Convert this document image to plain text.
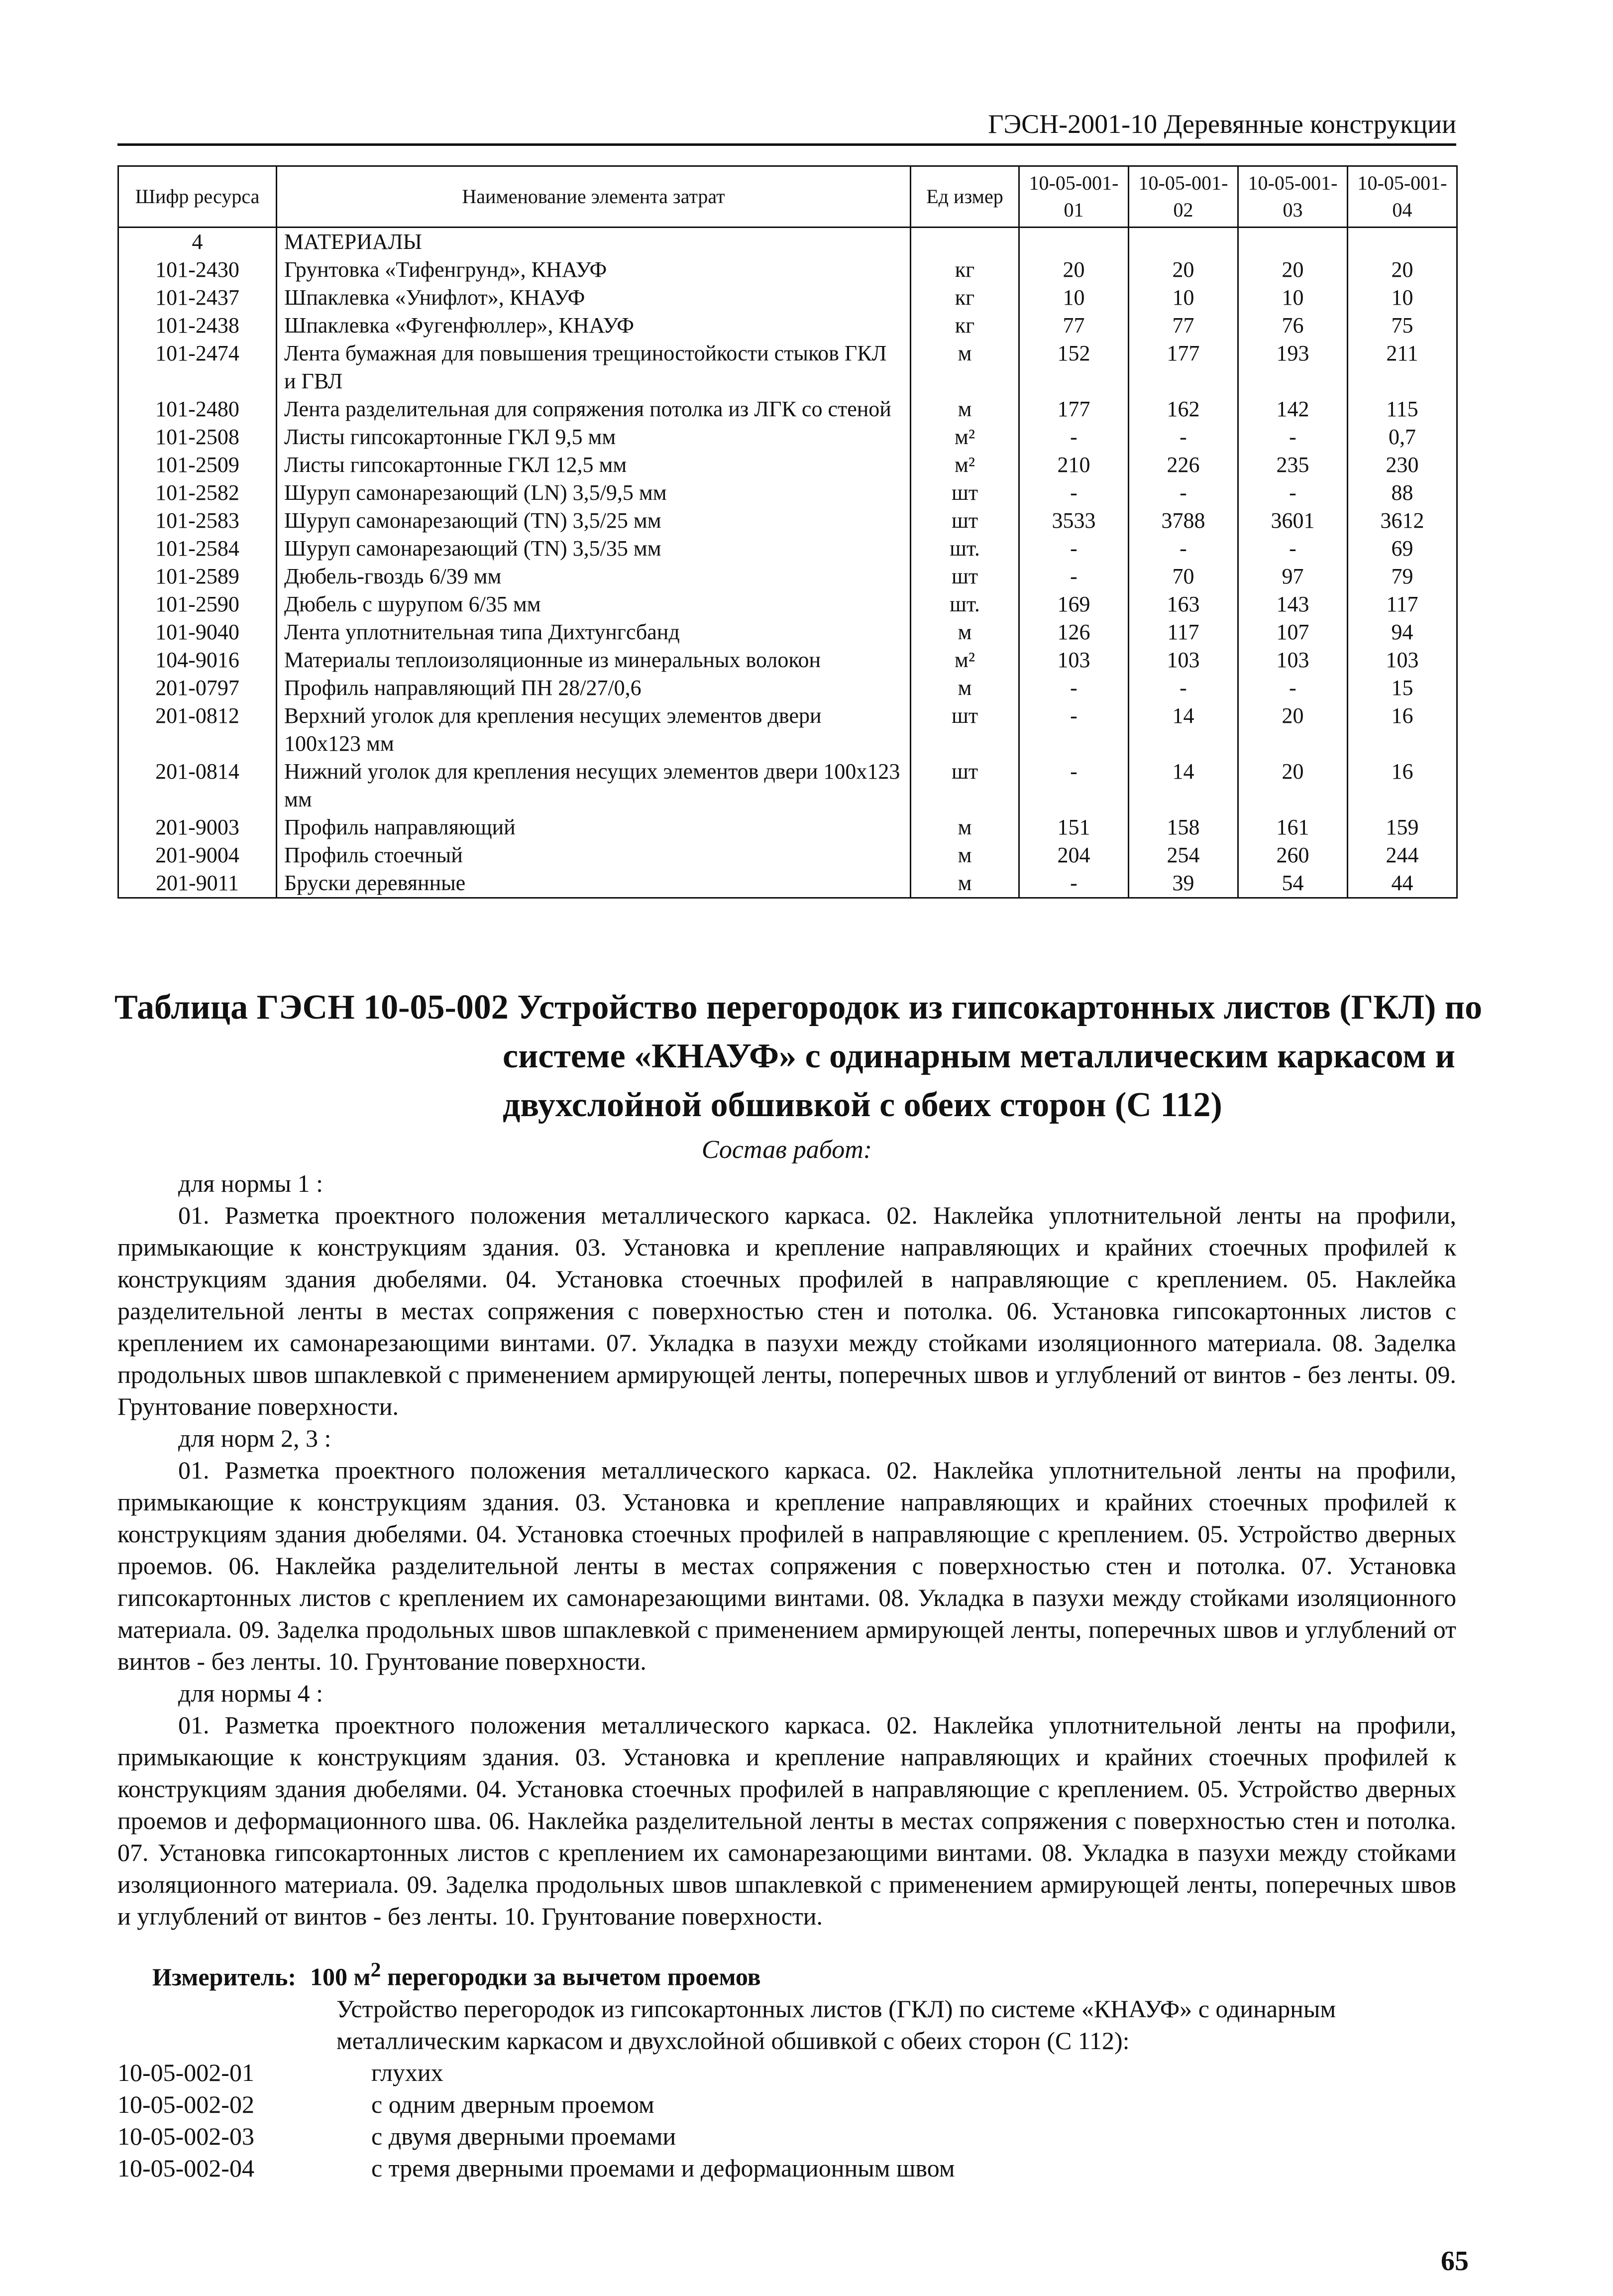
ГЭСН-2001-10 Деревянные конструкции
Шифр ресурса	Наименование элемента затрат	Ед измер	10-05-001-01	10-05-001-02	10-05-001-03	10-05-001-04
4	МАТЕРИАЛЫ					
101-2430	Грунтовка «Тифенгрунд», КНАУФ	кг	20	20	20	20
101-2437	Шпаклевка «Унифлот», КНАУФ	кг	10	10	10	10
101-2438	Шпаклевка «Фугенфюллер», КНАУФ	кг	77	77	76	75
101-2474	Лента бумажная для повышения трещиностойкости стыков ГКЛ и ГВЛ	м	152	177	193	211
101-2480	Лента разделительная для сопряжения потолка из ЛГК со стеной	м	177	162	142	115
101-2508	Листы гипсокартонные ГКЛ 9,5 мм	м²	-	-	-	0,7
101-2509	Листы гипсокартонные ГКЛ 12,5 мм	м²	210	226	235	230
101-2582	Шуруп самонарезающий (LN) 3,5/9,5 мм	шт	-	-	-	88
101-2583	Шуруп самонарезающий (TN) 3,5/25 мм	шт	3533	3788	3601	3612
101-2584	Шуруп самонарезающий (TN) 3,5/35 мм	шт.	-	-	-	69
101-2589	Дюбель-гвоздь 6/39 мм	шт	-	70	97	79
101-2590	Дюбель с шурупом 6/35 мм	шт.	169	163	143	117
101-9040	Лента уплотнительная типа Дихтунгсбанд	м	126	117	107	94
104-9016	Материалы теплоизоляционные из минеральных волокон	м²	103	103	103	103
201-0797	Профиль направляющий ПН 28/27/0,6	м	-	-	-	15
201-0812	Верхний уголок для крепления несущих элементов двери 100x123 мм	шт	-	14	20	16
201-0814	Нижний уголок для крепления несущих элементов двери 100x123 мм	шт	-	14	20	16
201-9003	Профиль направляющий	м	151	158	161	159
201-9004	Профиль стоечный	м	204	254	260	244
201-9011	Бруски деревянные	м	-	39	54	44
Таблица ГЭСН 10-05-002 Устройство перегородок из гипсокартонных листов (ГКЛ) по
системе «КНАУФ» с одинарным металлическим каркасом и
двухслойной обшивкой с обеих сторон (С 112)
Состав работ:

для нормы 1 :

01. Разметка проектного положения металлического каркаса. 02. Наклейка уплотнительной ленты на профили, примыкающие к конструкциям здания. 03. Установка и крепление направляющих и крайних стоечных профилей к конструкциям здания дюбелями. 04. Установка стоечных профилей в направляющие с креплением. 05. Наклейка разделительной ленты в местах сопряжения с поверхностью стен и потолка. 06. Установка гипсокартонных листов с креплением их самонарезающими винтами. 07. Укладка в пазухи между стойками изоляционного материала. 08. Заделка продольных швов шпаклевкой с применением армирующей ленты, поперечных швов и углублений от винтов - без ленты. 09. Грунтование поверхности.

для норм 2, 3 :

01. Разметка проектного положения металлического каркаса. 02. Наклейка уплотнительной ленты на профили, примыкающие к конструкциям здания. 03. Установка и крепление направляющих и крайних стоечных профилей к конструкциям здания дюбелями. 04. Установка стоечных профилей в направляющие с креплением. 05. Устройство дверных проемов. 06. Наклейка разделительной ленты в местах сопряжения с поверхностью стен и потолка. 07. Установка гипсокартонных листов с креплением их самонарезающими винтами. 08. Укладка в пазухи между стойками изоляционного материала. 09. Заделка продольных швов шпаклевкой с применением армирующей ленты, поперечных швов и углублений от винтов - без ленты. 10. Грунтование поверхности.

для нормы 4 :

01. Разметка проектного положения металлического каркаса. 02. Наклейка уплотнительной ленты на профили, примыкающие к конструкциям здания. 03. Установка и крепление направляющих и крайних стоечных профилей к конструкциям здания дюбелями. 04. Установка стоечных профилей в направляющие с креплением. 05. Устройство дверных проемов и деформационного шва. 06. Наклейка разделительной ленты в местах сопряжения с поверхностью стен и потолка. 07. Установка гипсокартонных листов с креплением их самонарезающими винтами. 08. Укладка в пазухи между стойками изоляционного материала. 09. Заделка продольных швов шпаклевкой с применением армирующей ленты, поперечных швов и углублений от винтов - без ленты. 10. Грунтование поверхности.

Измеритель: 100 $м^2$ перегородки за вычетом проемов
Устройство перегородок из гипсокартонных листов (ГКЛ) по системе «КНАУФ» с одинарным металлическим каркасом и двухслойной обшивкой с обеих сторон (С 112):
10-05-002-01	глухих
10-05-002-02	с одним дверным проемом
10-05-002-03	с двумя дверными проемами
10-05-002-04	с тремя дверными проемами и деформационным швом
65
